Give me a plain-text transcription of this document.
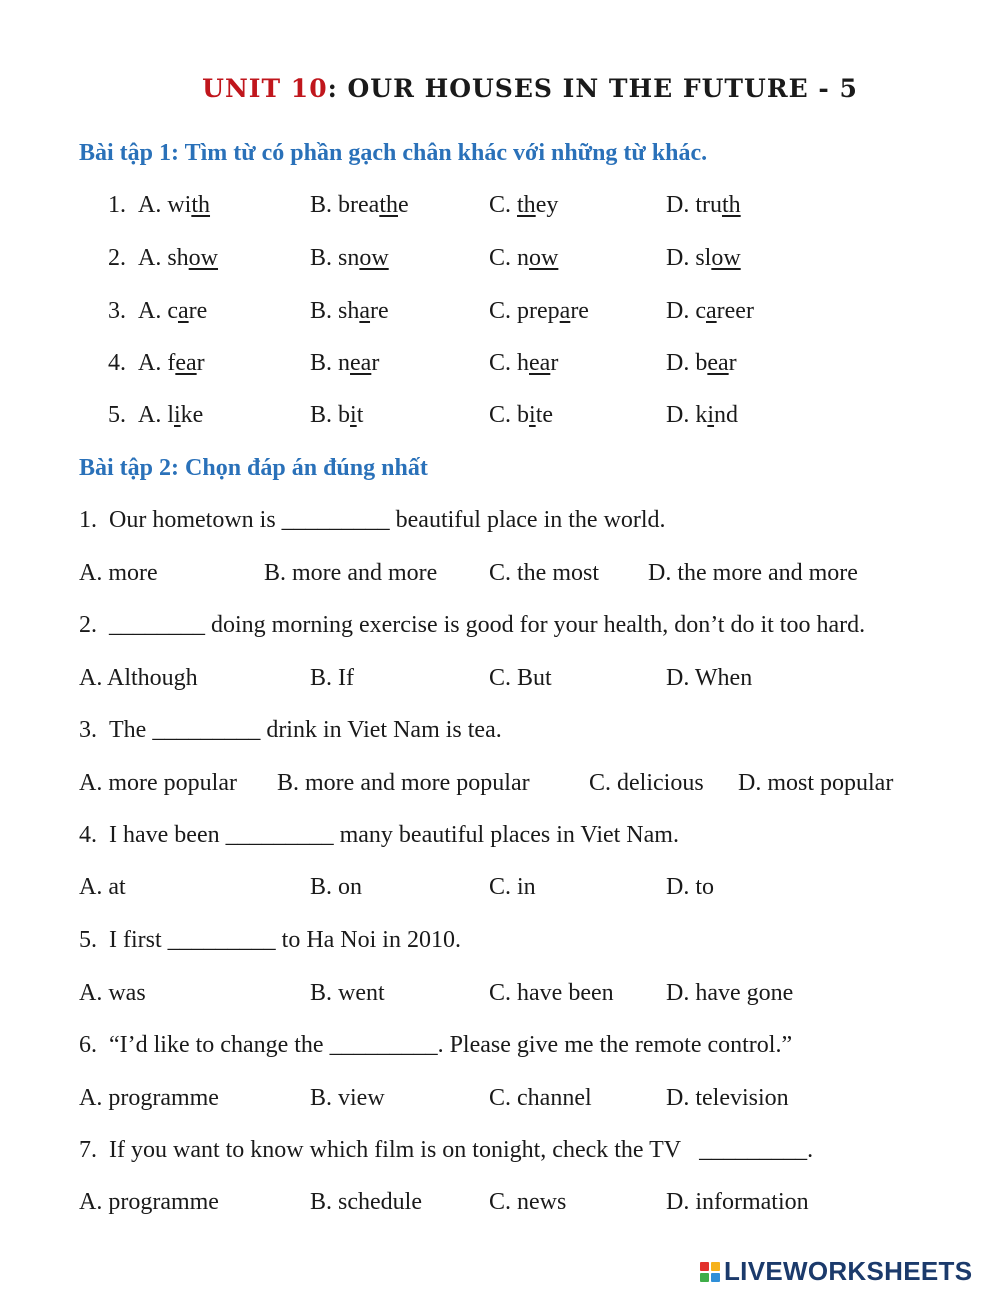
UNIT 10: OUR HOUSES IN THE FUTURE - 5
Bài tập 1: Tìm từ có phần gạch chân khác với những từ khác.
1. A. with	B. breathe	C. they	D. truth
2. A. show	B. snow	C. now	D. slow
3. A. care	B. share	C. prepare	D. career
4. A. fear	B. near	C. hear	D. bear
5. A. like	B. bit	C. bite	D. kind
Bài tập 2: Chọn đáp án đúng nhất
1. Our hometown is _________ beautiful place in the world.
A. more	B. more and more C. the most D. the more and more
2. ________ doing morning exercise is good for your health, don’t do it too hard.
A. Although	B. If	C. But	D. When
3. The _________ drink in Viet Nam is tea.
A. more popular B. more and more popular C. delicious D. most popular
4. I have been _________ many beautiful places in Viet Nam.
A. at	B. on	C. in	D. to
5. I first _________ to Ha Noi in 2010.
A. was	B. went	C. have been D. have gone
6. “I’d like to change the _________. Please give me the remote control.”
A. programme	B. view	C. channel	D. television
7. If you want to know which film is on tonight, check the TV  _________.
A. programme	B. schedule	C. news	D. information
LIVEWORKSHEETS
